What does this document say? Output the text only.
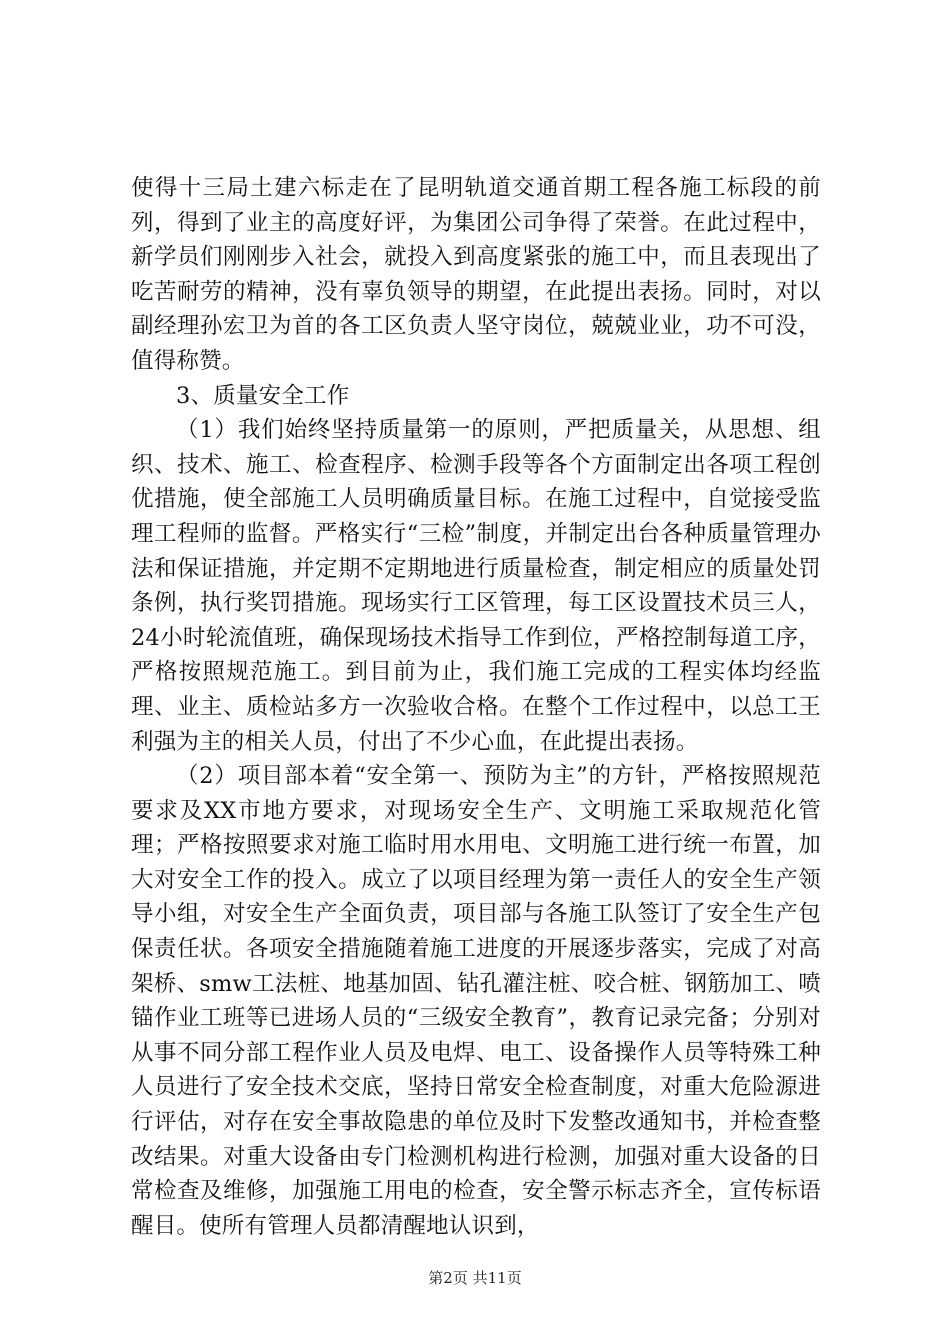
使得十三局土建六标走在了昆明轨道交通首期工程各施工标段的前列，得到了业主的高度好评，为集团公司争得了荣誉。在此过程中，新学员们刚刚步入社会，就投入到高度紧张的施工中，而且表现出了吃苦耐劳的精神，没有辜负领导的期望，在此提出表扬。同时，对以副经理孙宏卫为首的各工区负责人坚守岗位，兢兢业业，功不可没，值得称赞。

3、质量安全工作

（1）我们始终坚持质量第一的原则，严把质量关，从思想、组织、技术、施工、检查程序、检测手段等各个方面制定出各项工程创优措施，使全部施工人员明确质量目标。在施工过程中，自觉接受监理工程师的监督。严格实行“三检”制度，并制定出台各种质量管理办法和保证措施，并定期不定期地进行质量检查，制定相应的质量处罚条例，执行奖罚措施。现场实行工区管理，每工区设置技术员三人，24小时轮流值班，确保现场技术指导工作到位，严格控制每道工序，严格按照规范施工。到目前为止，我们施工完成的工程实体均经监理、业主、质检站多方一次验收合格。在整个工作过程中，以总工王利强为主的相关人员，付出了不少心血，在此提出表扬。

（2）项目部本着“安全第一、预防为主”的方针，严格按照规范要求及XX市地方要求，对现场安全生产、文明施工采取规范化管理；严格按照要求对施工临时用水用电、文明施工进行统一布置，加大对安全工作的投入。成立了以项目经理为第一责任人的安全生产领导小组，对安全生产全面负责，项目部与各施工队签订了安全生产包保责任状。各项安全措施随着施工进度的开展逐步落实，完成了对高架桥、smw工法桩、地基加固、钻孔灌注桩、咬合桩、钢筋加工、喷锚作业工班等已进场人员的“三级安全教育”，教育记录完备；分别对从事不同分部工程作业人员及电焊、电工、设备操作人员等特殊工种人员进行了安全技术交底，坚持日常安全检查制度，对重大危险源进行评估，对存在安全事故隐患的单位及时下发整改通知书，并检查整改结果。对重大设备由专门检测机构进行检测，加强对重大设备的日常检查及维修，加强施工用电的检查，安全警示标志齐全，宣传标语醒目。使所有管理人员都清醒地认识到，

第2页 共11页
